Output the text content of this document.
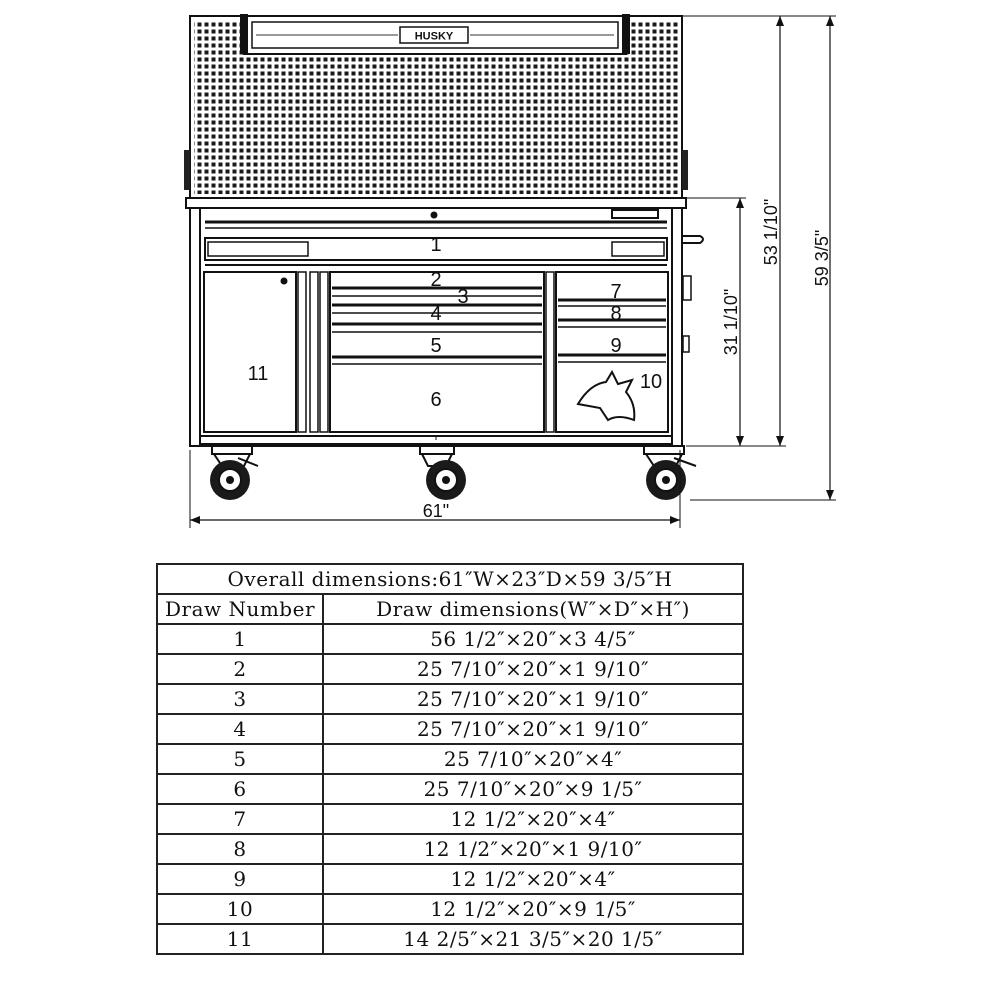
HUSKY
61"
31 1/10"
53 1/10" 59 3/5"
1
2
3
4
5
6
7
8
9
10
11
Overall dimensions:61″W×23″D×59 3/5″H	
Draw Number	Draw dimensions(W″×D″×H″)
1	56 1/2″×20″×3 4/5″
2	25 7/10″×20″×1 9/10″
3	25 7/10″×20″×1 9/10″
4	25 7/10″×20″×1 9/10″
5	25 7/10″×20″×4″
6	25 7/10″×20″×9 1/5″
7	12 1/2″×20″×4″
8	12 1/2″×20″×1 9/10″
9	12 1/2″×20″×4″
10	12 1/2″×20″×9 1/5″
11	14 2/5″×21 3/5″×20 1/5″
